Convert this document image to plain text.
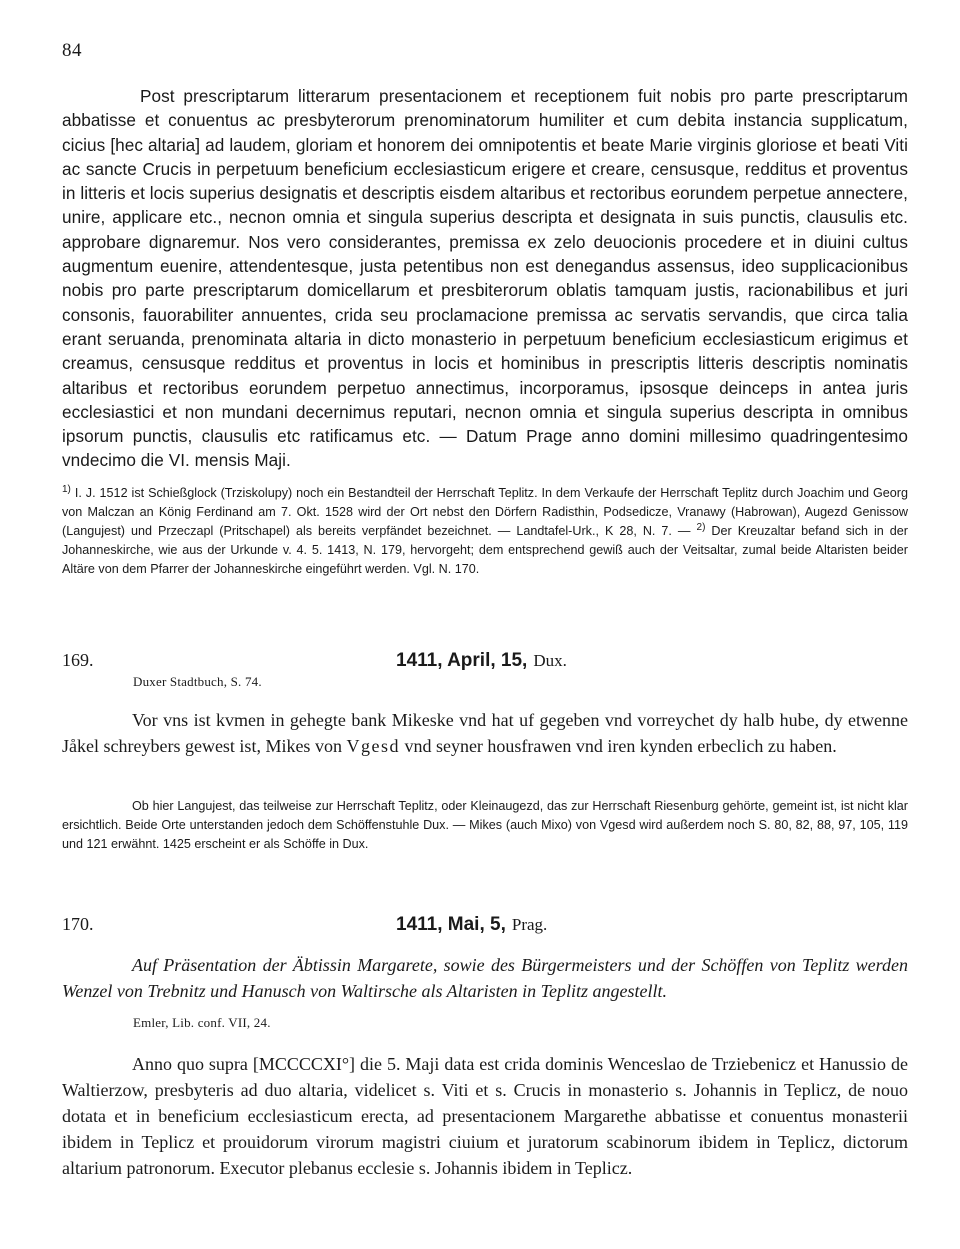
84
Post prescriptarum litterarum presentacionem et receptionem fuit nobis pro parte prescriptarum abbatisse et conuentus ac presbyterorum prenominatorum humiliter et cum debita instancia supplicatum, cicius [hec altaria] ad laudem, gloriam et honorem dei omnipotentis et beate Marie virginis gloriose et beati Viti ac sancte Crucis in perpetuum beneficium ecclesiasticum erigere et creare, censusque, redditus et proventus in litteris et locis superius designatis et descriptis eisdem altaribus et rectoribus eorundem perpetue annectere, unire, applicare etc., necnon omnia et singula superius descripta et designata in suis punctis, clausulis etc. approbare dignaremur. Nos vero considerantes, premissa ex zelo deuocionis procedere et in diuini cultus augmentum euenire, attendentesque, justa petentibus non est denegandus assensus, ideo supplicacionibus nobis pro parte prescriptarum domicellarum et presbiterorum oblatis tamquam justis, racionabilibus et juri consonis, fauorabiliter annuentes, crida seu proclamacione premissa ac servatis servandis, que circa talia erant seruanda, prenominata altaria in dicto monasterio in perpetuum beneficium ecclesiasticum erigimus et creamus, censusque redditus et proventus in locis et hominibus in prescriptis litteris descriptis nominatis altaribus et rectoribus eorundem perpetuo annectimus, incorporamus, ipsosque deinceps in antea juris ecclesiastici et non mundani decernimus reputari, necnon omnia et singula superius descripta in omnibus ipsorum punctis, clausulis etc ratificamus etc. — Datum Prage anno domini millesimo quadringentesimo vndecimo die VI. mensis Maji.
$^{1)}$ I. J. 1512 ist Schießglock (Trziskolupy) noch ein Bestandteil der Herrschaft Teplitz. In dem Verkaufe der Herrschaft Teplitz durch Joachim und Georg von Malczan an König Ferdinand am 7. Okt. 1528 wird der Ort nebst den Dörfern Radisthin, Podsedicze, Vranawy (Habrowan), Augezd Genissow (Langujest) und Przeczapl (Pritschapel) als bereits verpfändet bezeichnet. — Landtafel-Urk., K 28, N. 7. — $^{2)}$ Der Kreuzaltar befand sich in der Johanneskirche, wie aus der Urkunde v. 4. 5. 1413, N. 179, hervorgeht; dem entsprechend gewiß auch der Veitsaltar, zumal beide Altaristen beider Altäre von dem Pfarrer der Johanneskirche eingeführt werden. Vgl. N. 170.
169.	1411, April, 15, Dux.
Duxer Stadtbuch, S. 74.
Vor vns ist kvmen in gehegte bank Mikeske vnd hat uf gegeben vnd vorreychet dy halb hube, dy etwenne Jåkel schreybers gewest ist, Mikes von Vgesd vnd seyner housfrawen vnd iren kynden erbeclich zu haben.
Ob hier Langujest, das teilweise zur Herrschaft Teplitz, oder Kleinaugezd, das zur Herrschaft Riesenburg gehörte, gemeint ist, ist nicht klar ersichtlich. Beide Orte unterstanden jedoch dem Schöffenstuhle Dux. — Mikes (auch Mixo) von Vgesd wird außerdem noch S. 80, 82, 88, 97, 105, 119 und 121 erwähnt. 1425 erscheint er als Schöffe in Dux.
170.	1411, Mai, 5, Prag.
Auf Präsentation der Äbtissin Margarete, sowie des Bürgermeisters und der Schöffen von Teplitz werden Wenzel von Trebnitz und Hanusch von Waltirsche als Altaristen in Teplitz angestellt.
Emler, Lib. conf. VII, 24.
Anno quo supra [MCCCCXI°] die 5. Maji data est crida dominis Wenceslao de Trziebenicz et Hanussio de Waltierzow, presbyteris ad duo altaria, videlicet s. Viti et s. Crucis in monasterio s. Johannis in Teplicz, de nouo dotata et in beneficium ecclesiasticum erecta, ad presentacionem Margarethe abbatisse et conuentus monasterii ibidem in Teplicz et prouidorum virorum magistri ciuium et juratorum scabinorum ibidem in Teplicz, dictorum altarium patronorum. Executor plebanus ecclesie s. Johannis ibidem in Teplicz.
